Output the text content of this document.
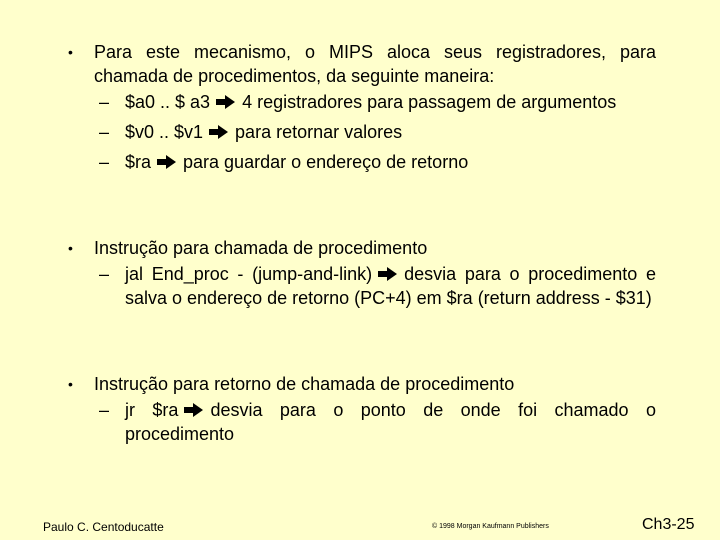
•	Para este mecanismo, o MIPS aloca seus registradores, para chamada de procedimentos, da seguinte maneira:
– $a0 .. $ a3 4 registradores para passagem de argumentos
– $v0 .. $v1 para retornar valores
– $ra para guardar o endereço de retorno
•	Instrução para chamada de procedimento
– jal End_proc - (jump-and-link) desvia para o procedimento e salva o endereço de retorno (PC+4) em $ra (return address - $31)
•	Instrução para retorno de chamada de procedimento
– jr $ra desvia para o ponto de onde foi chamado o procedimento
Paulo C. Centoducatte	© 1998 Morgan Kaufmann Publishers	Ch3-25
